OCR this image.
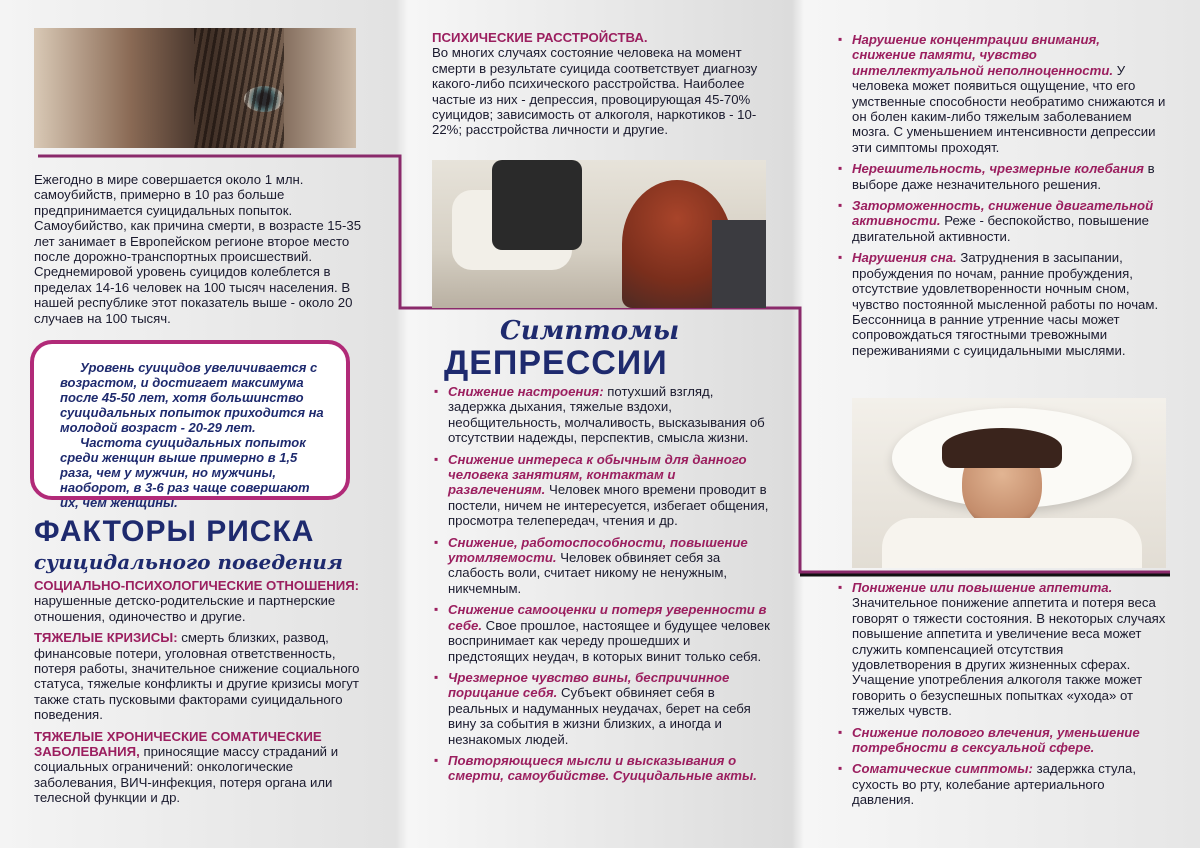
Ежегодно в мире совершается около 1 млн. самоубийств, примерно в 10 раз больше предпринимается суицидальных попыток. Самоубийство, как причина смерти, в возрасте 15-35 лет занимает в Европейском регионе второе место после дорожно-транспортных происшествий. Среднемировой уровень суицидов колеблется в пределах 14-16 человек на 100 тысяч населения. В нашей республике этот показатель выше - около 20 случаев на 100 тысяч.
Уровень суицидов увеличивается с возрастом, и достигает максимума после 45-50 лет, хотя большинство суицидальных попыток приходится на молодой возраст - 20-29 лет.
Частота суицидальных попыток среди женщин выше примерно в 1,5 раза, чем у мужчин, но мужчины, наоборот, в 3-6 раз чаще совершают их, чем женщины.
ФАКТОРЫ РИСКА
суицидального поведения
СОЦИАЛЬНО-ПСИХОЛОГИЧЕСКИЕ ОТНОШЕНИЯ: нарушенные детско-родительские и партнерские отношения, одиночество и другие.
ТЯЖЕЛЫЕ КРИЗИСЫ: смерть близких, развод, финансовые потери, уголовная ответственность, потеря работы, значительное снижение социального статуса, тяжелые конфликты и другие кризисы могут также стать пусковыми факторами суицидального поведения.
ТЯЖЕЛЫЕ ХРОНИЧЕСКИЕ СОМАТИЧЕСКИЕ ЗАБОЛЕВАНИЯ, приносящие массу страданий и социальных ограничений: онкологические заболевания, ВИЧ-инфекция, потеря органа или телесной функции и др.
ПСИХИЧЕСКИЕ РАССТРОЙСТВА.
Во многих случаях состояние человека на момент смерти в результате суицида соответствует диагнозу какого-либо психического расстройства. Наиболее частые из них - депрессия, провоцирующая 45-70% суицидов; зависимость от алкоголя, наркотиков - 10-22%; расстройства личности и другие.
Симптомы
ДЕПРЕССИИ
▪ Снижение настроения: потухший взгляд, задержка дыхания, тяжелые вздохи, необщительность, молчаливость, высказывания об отсутствии надежды, перспектив, смысла жизни.
▪ Снижение интереса к обычным для данного человека занятиям, контактам и развлечениям. Человек много времени проводит в постели, ничем не интересуется, избегает общения, просмотра телепередач, чтения и др.
▪ Снижение, работоспособности, повышение утомляемости. Человек обвиняет себя за слабость воли, считает никому не ненужным, никчемным.
▪ Снижение самооценки и потеря уверенности в себе. Свое прошлое, настоящее и будущее человек воспринимает как череду прошедших и предстоящих неудач, в которых винит только себя.
▪ Чрезмерное чувство вины, беспричинное порицание себя. Субъект обвиняет себя в реальных и надуманных неудачах, берет на себя вину за события в жизни близких, а иногда и незнакомых людей.
▪ Повторяющиеся мысли и высказывания о смерти, самоубийстве. Суицидальные акты.
▪ Нарушение концентрации внимания, снижение памяти, чувство интеллектуальной неполноценности. У человека может появиться ощущение, что его умственные способности необратимо снижаются и он болен каким-либо тяжелым заболеванием мозга. С уменьшением интенсивности депрессии эти симптомы проходят.
▪ Нерешительность, чрезмерные колебания в выборе даже незначительного решения.
▪ Заторможенность, снижение двигательной активности. Реже - беспокойство, повышение двигательной активности.
▪ Нарушения сна. Затруднения в засыпании, пробуждения по ночам, ранние пробуждения, отсутствие удовлетворенности ночным сном, чувство постоянной мысленной работы по ночам. Бессонница в ранние утренние часы может сопровождаться тягостными тревожными переживаниями с суицидальными мыслями.
▪ Понижение или повышение аппетита. Значительное понижение аппетита и потеря веса говорят о тяжести состояния. В некоторых случаях повышение аппетита и увеличение веса может служить компенсацией отсутствия удовлетворения в других жизненных сферах. Учащение употребления алкоголя также может говорить о безуспешных попытках «ухода» от тяжелых чувств.
▪ Снижение полового влечения, уменьшение потребности в сексуальной сфере.
▪ Соматические симптомы: задержка стула, сухость во рту, колебание артериального давления.
